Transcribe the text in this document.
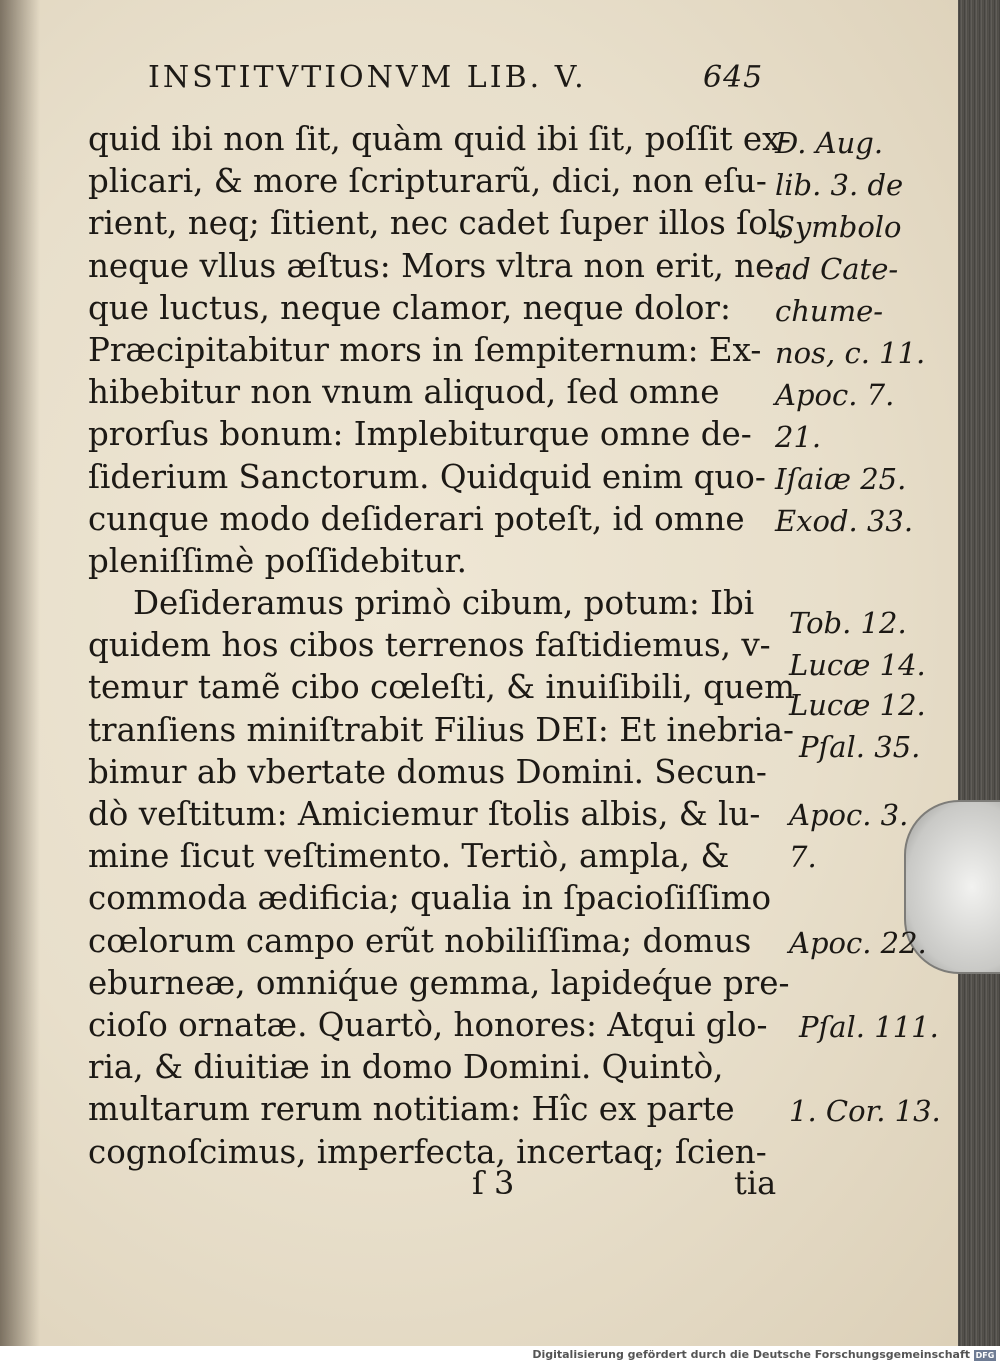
INSTITVTIONVM LIB. V.	645
quid ibi non ſit, quàm quid ibi ſit, poſſit ex-
plicari, & more ſcripturarũ, dici, non eſu-
rient, neq; ſitient, nec cadet ſuper illos ſol,
neque vllus æſtus: Mors vltra non erit, ne-
que luctus, neque clamor, neque dolor:
Præcipitabitur mors in ſempiternum: Ex-
hibebitur non vnum aliquod, ſed omne
prorſus bonum: Implebiturque omne de-
ſiderium Sanctorum. Quidquid enim quo-
cunque modo deſiderari poteſt, id omne
pleniſſimè poſſidebitur.
Deſideramus primò cibum, potum: Ibi
quidem hos cibos terrenos faſtidiemus, v-
temur tamẽ cibo cœleſti, & inuiſibili, quem
tranſiens miniſtrabit Filius DEI: Et inebria-
bimur ab vbertate domus Domini. Secun-
dò veſtitum: Amiciemur ſtolis albis, & lu-
mine ſicut veſtimento. Tertiò, ampla, &
commoda ædificia; qualia in ſpacioſiſſimo
cœlorum campo erũt nobiliſſima; domus
eburneæ, omniq́ue gemma, lapideq́ue pre-
cioſo ornatæ. Quartò, honores: Atqui glo-
ria, & diuitiæ in domo Domini. Quintò,
multarum rerum notitiam: Hîc ex parte
cognoſcimus, imperfecta, incertaq; ſcien-
D. Aug.
lib. 3. de
Symbolo
ad Cate-
chume-
nos, c. 11.
Apoc. 7.
21.
Iſaiæ 25.
Exod. 33.
Tob. 12.
Lucæ 14.
Lucæ 12.
Pſal. 35.
Apoc. 3.
7.
Apoc. 22.
Pſal. 111.
1. Cor. 13.
ſ 3	tia
Digitalisierung gefördert durch die Deutsche Forschungsgemeinschaft DFG
